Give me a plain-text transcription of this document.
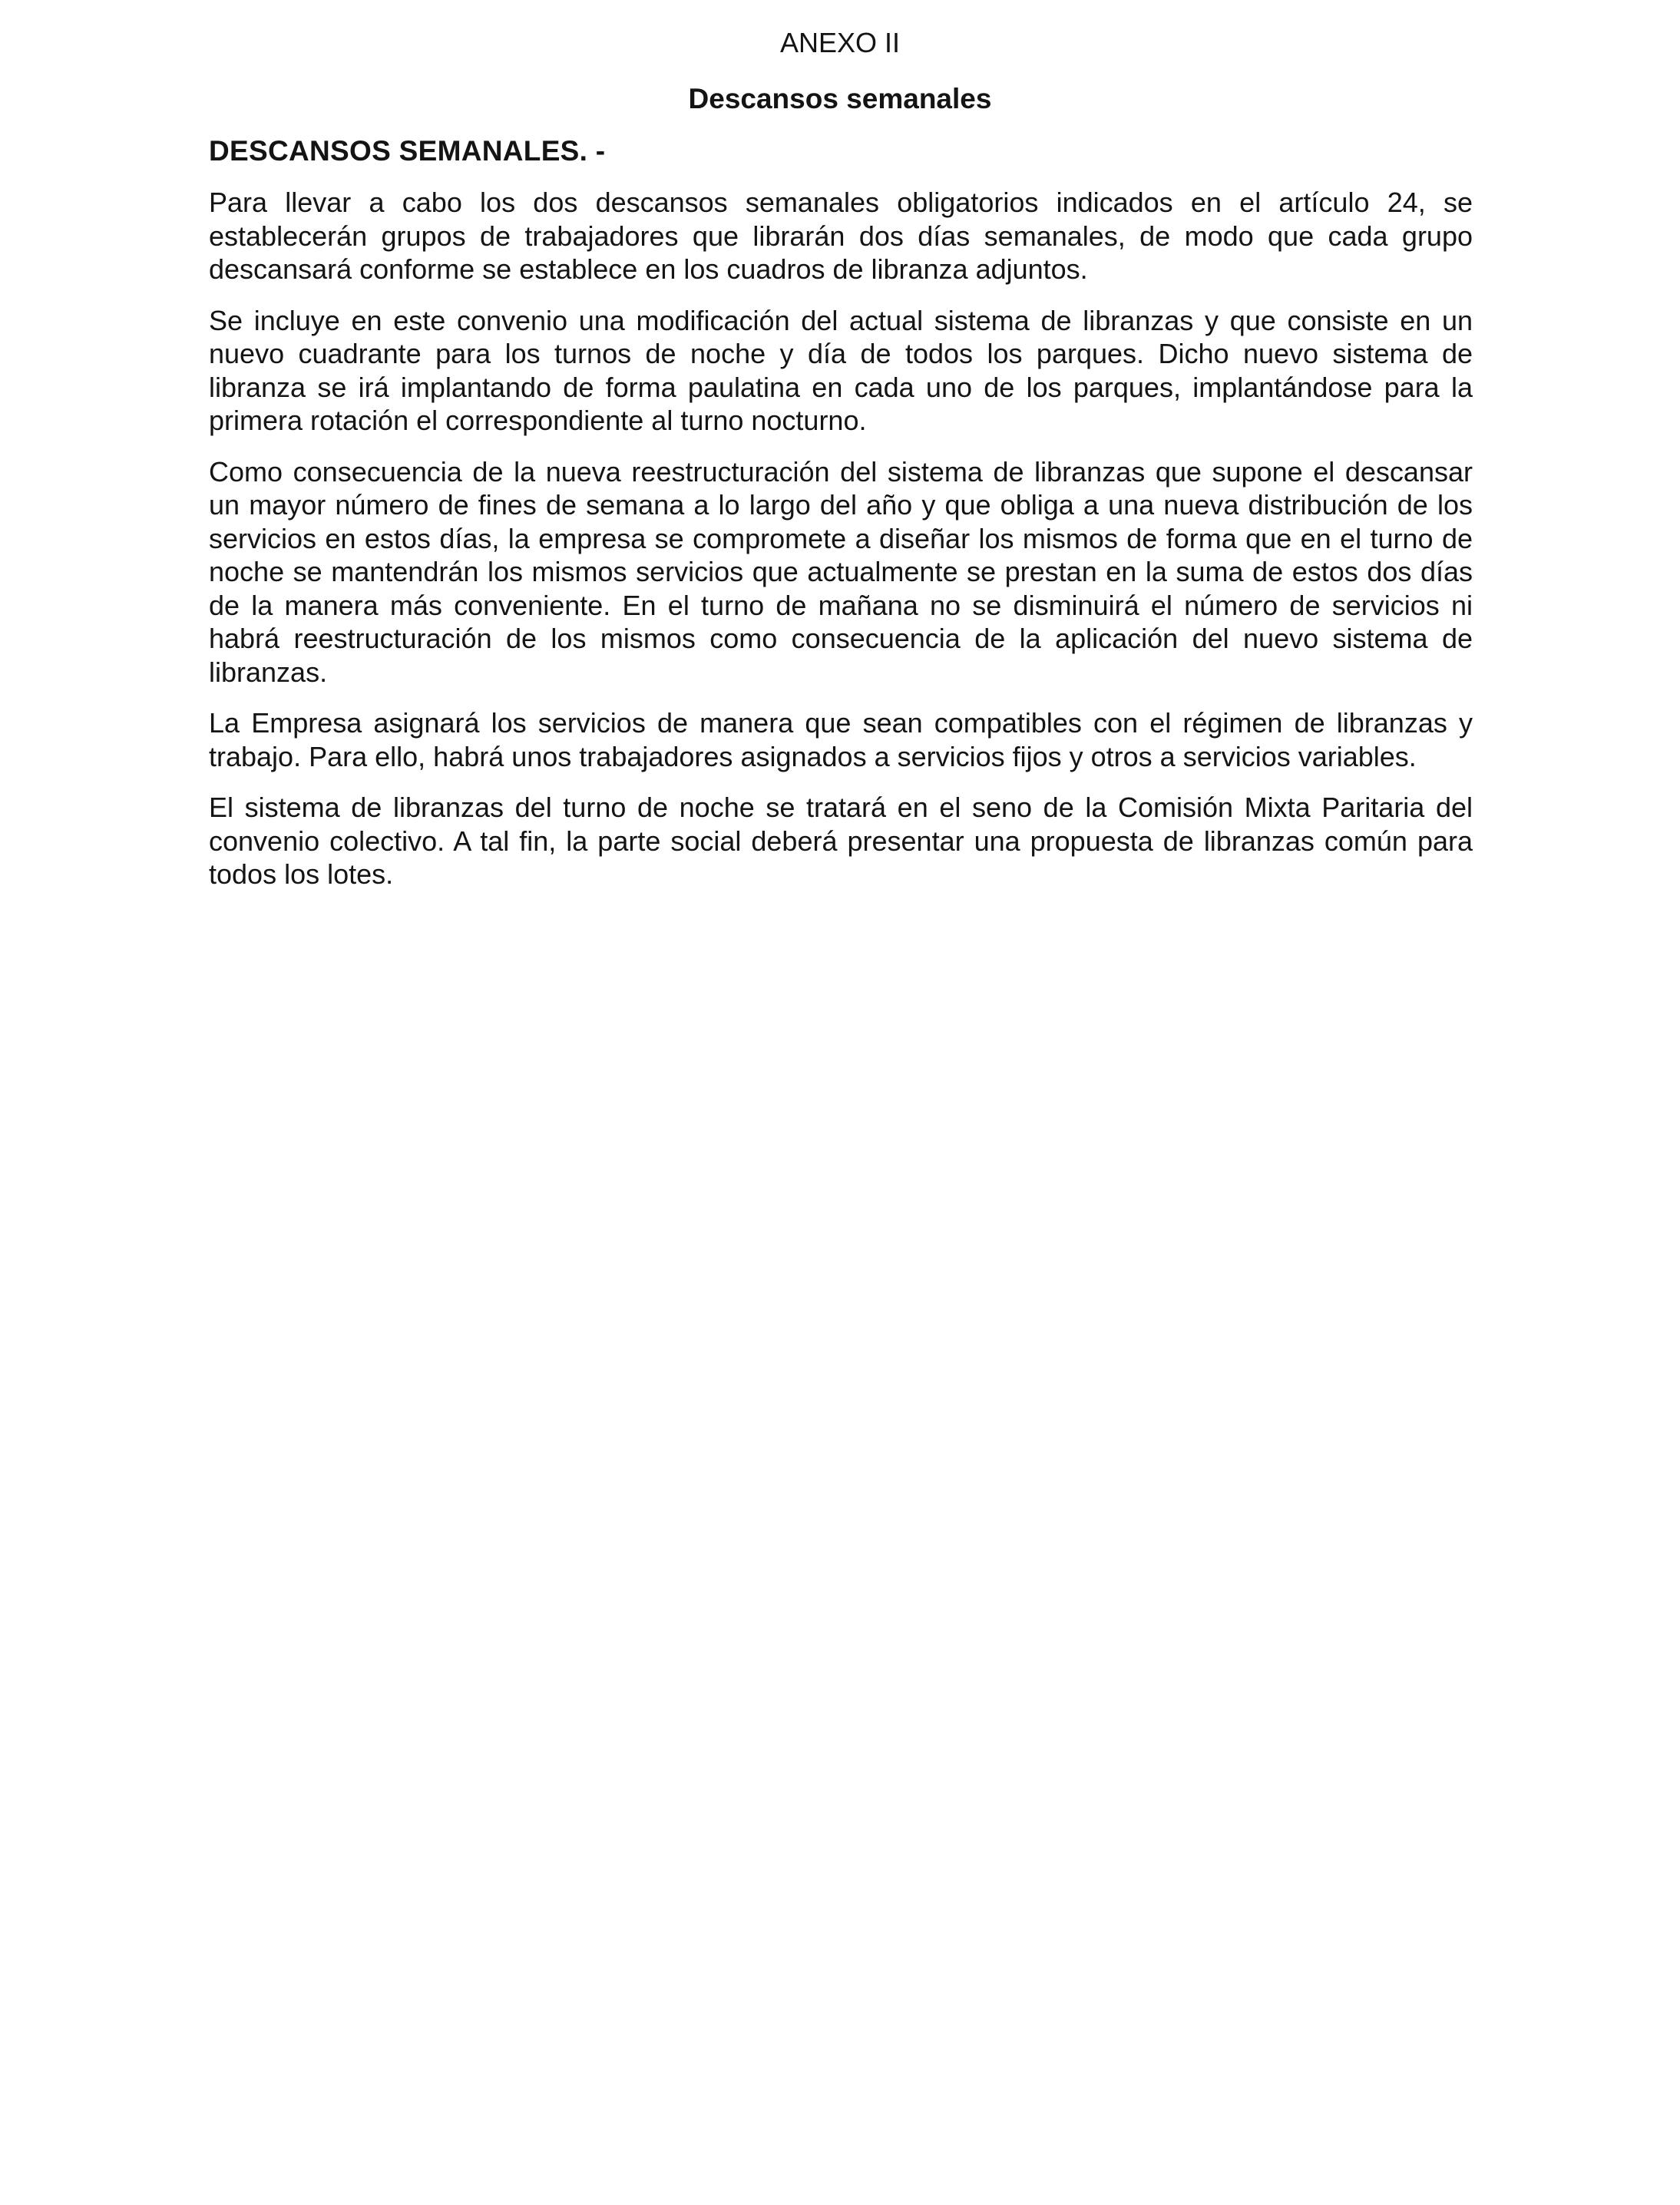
ANEXO II
Descansos semanales
DESCANSOS SEMANALES. -

Para llevar a cabo los dos descansos semanales obligatorios indicados en el artículo 24, se establecerán grupos de trabajadores que librarán dos días semanales, de modo que cada grupo descansará conforme se establece en los cuadros de libranza adjuntos.

Se incluye en este convenio una modificación del actual sistema de libranzas y que consiste en un nuevo cuadrante para los turnos de noche y día de todos los parques. Dicho nuevo sistema de libranza se irá implantando de forma paulatina en cada uno de los parques, implantándose para la primera rotación el correspondiente al turno nocturno.

Como consecuencia de la nueva reestructuración del sistema de libranzas que supone el descansar un mayor número de fines de semana a lo largo del año y que obliga a una nueva distribución de los servicios en estos días, la empresa se compromete a diseñar los mismos de forma que en el turno de noche se mantendrán los mismos servicios que actualmente se prestan en la suma de estos dos días de la manera más conveniente. En el turno de mañana no se disminuirá el número de servicios ni habrá reestructuración de los mismos como consecuencia de la aplicación del nuevo sistema de libranzas.

La Empresa asignará los servicios de manera que sean compatibles con el régimen de libranzas y trabajo. Para ello, habrá unos trabajadores asignados a servicios fijos y otros a servicios variables.

El sistema de libranzas del turno de noche se tratará en el seno de la Comisión Mixta Paritaria del convenio colectivo. A tal fin, la parte social deberá presentar una propuesta de libranzas común para todos los lotes.
